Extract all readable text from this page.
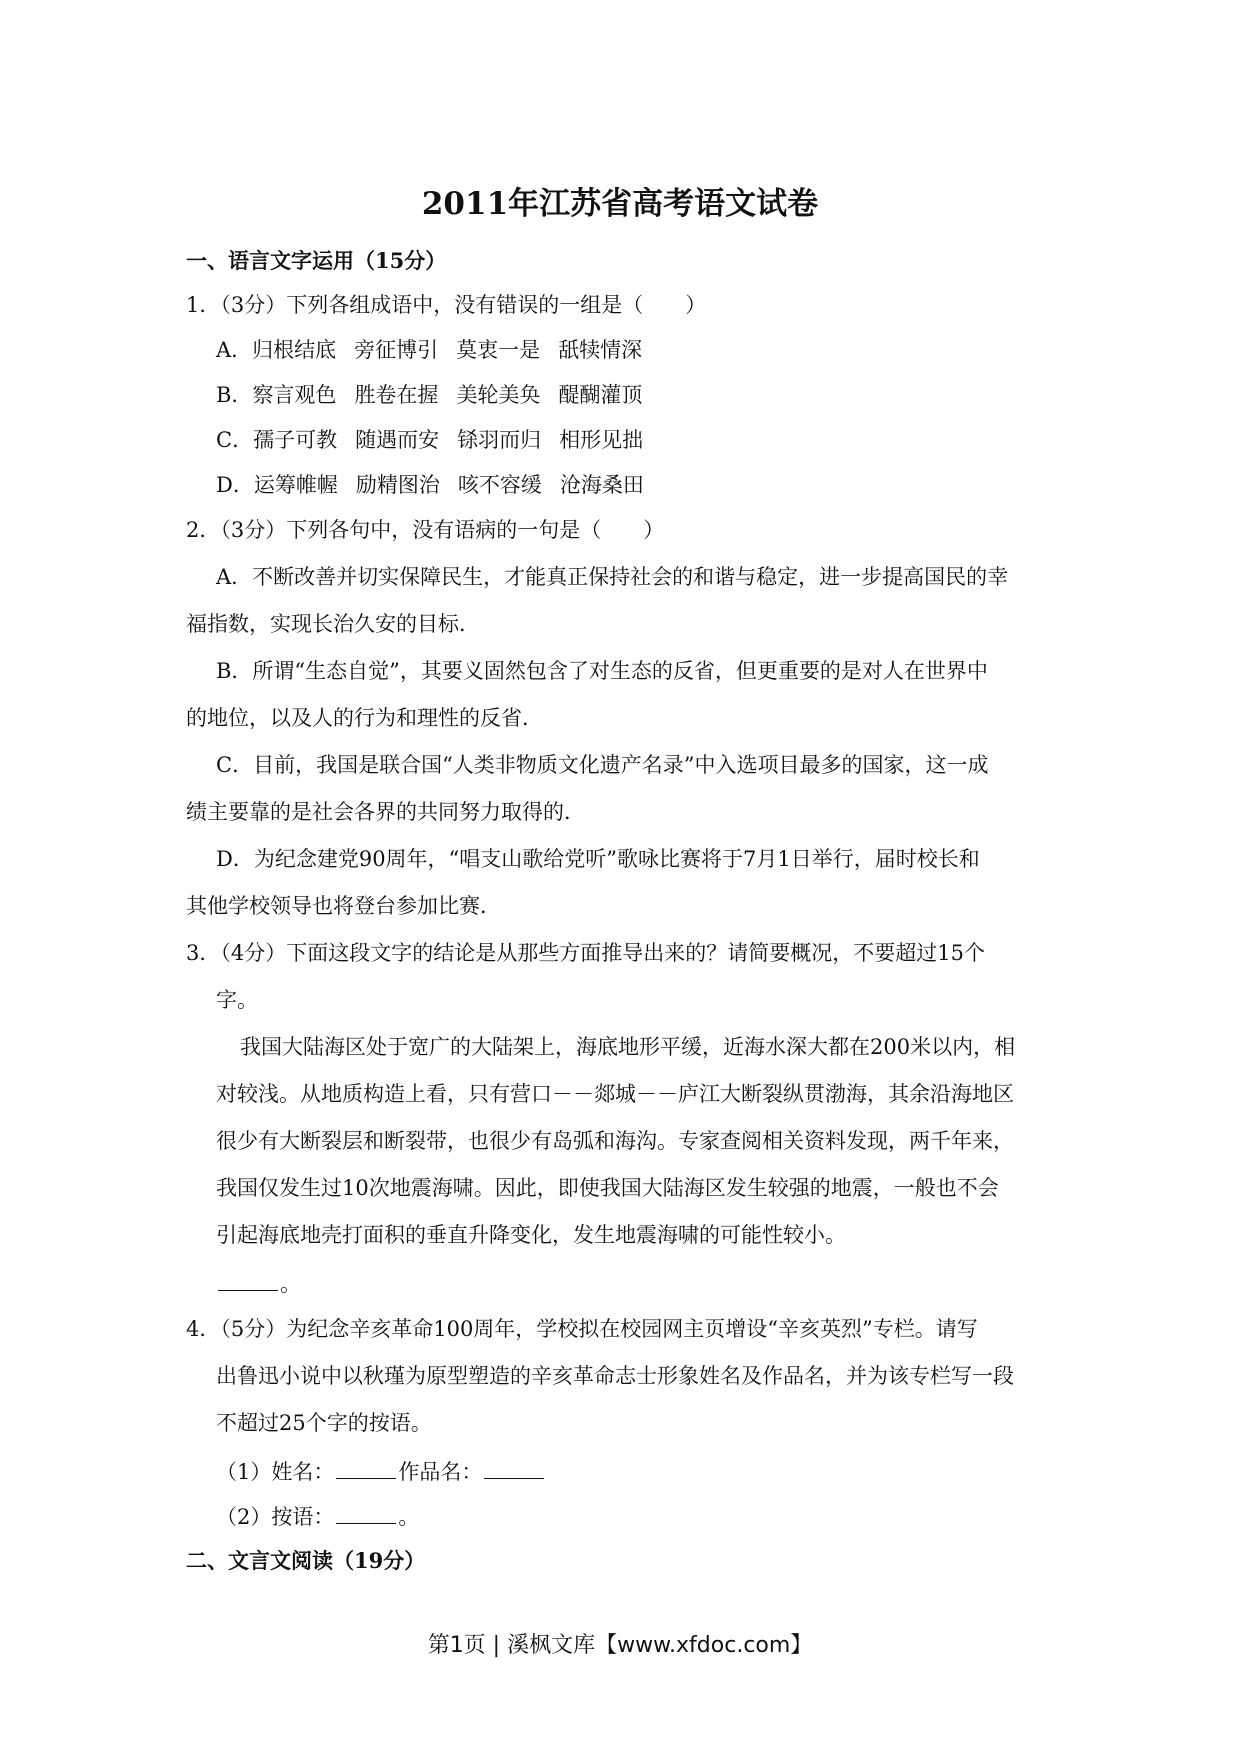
2011年江苏省高考语文试卷
一、语言文字运用（15分）
1．（3分）下列各组成语中，没有错误的一组是（　　）
A．归根结底 旁征博引 莫衷一是 舐犊情深
B．察言观色 胜卷在握 美轮美奂 醍醐灌顶
C．孺子可教 随遇而安 铩羽而归 相形见拙
D．运筹帷幄 励精图治 咳不容缓 沧海桑田
2．（3分）下列各句中，没有语病的一句是（　　）
A．不断改善并切实保障民生，才能真正保持社会的和谐与稳定，进一步提高国民的幸
福指数，实现长治久安的目标．
B．所谓“生态自觉”，其要义固然包含了对生态的反省，但更重要的是对人在世界中
的地位，以及人的行为和理性的反省．
C．目前，我国是联合国“人类非物质文化遗产名录”中入选项目最多的国家，这一成
绩主要靠的是社会各界的共同努力取得的．
D．为纪念建党90周年，“唱支山歌给党听”歌咏比赛将于7月1日举行，届时校长和
其他学校领导也将登台参加比赛．
3．（4分）下面这段文字的结论是从那些方面推导出来的？请简要概况，不要超过15个
字。
我国大陆海区处于宽广的大陆架上，海底地形平缓，近海水深大都在200米以内，相
对较浅。从地质构造上看，只有营口－－郯城－－庐江大断裂纵贯渤海，其余沿海地区
很少有大断裂层和断裂带，也很少有岛弧和海沟。专家查阅相关资料发现，两千年来，
我国仅发生过10次地震海啸。因此，即使我国大陆海区发生较强的地震，一般也不会
引起海底地壳打面积的垂直升降变化，发生地震海啸的可能性较小。
。
4．（5分）为纪念辛亥革命100周年，学校拟在校园网主页增设“辛亥英烈”专栏。请写
出鲁迅小说中以秋瑾为原型塑造的辛亥革命志士形象姓名及作品名，并为该专栏写一段
不超过25个字的按语。
（1）姓名：	作品名：
（2）按语：	。
二、文言文阅读（19分）
第1页 | 溪枫文库【www.xfdoc.com】
